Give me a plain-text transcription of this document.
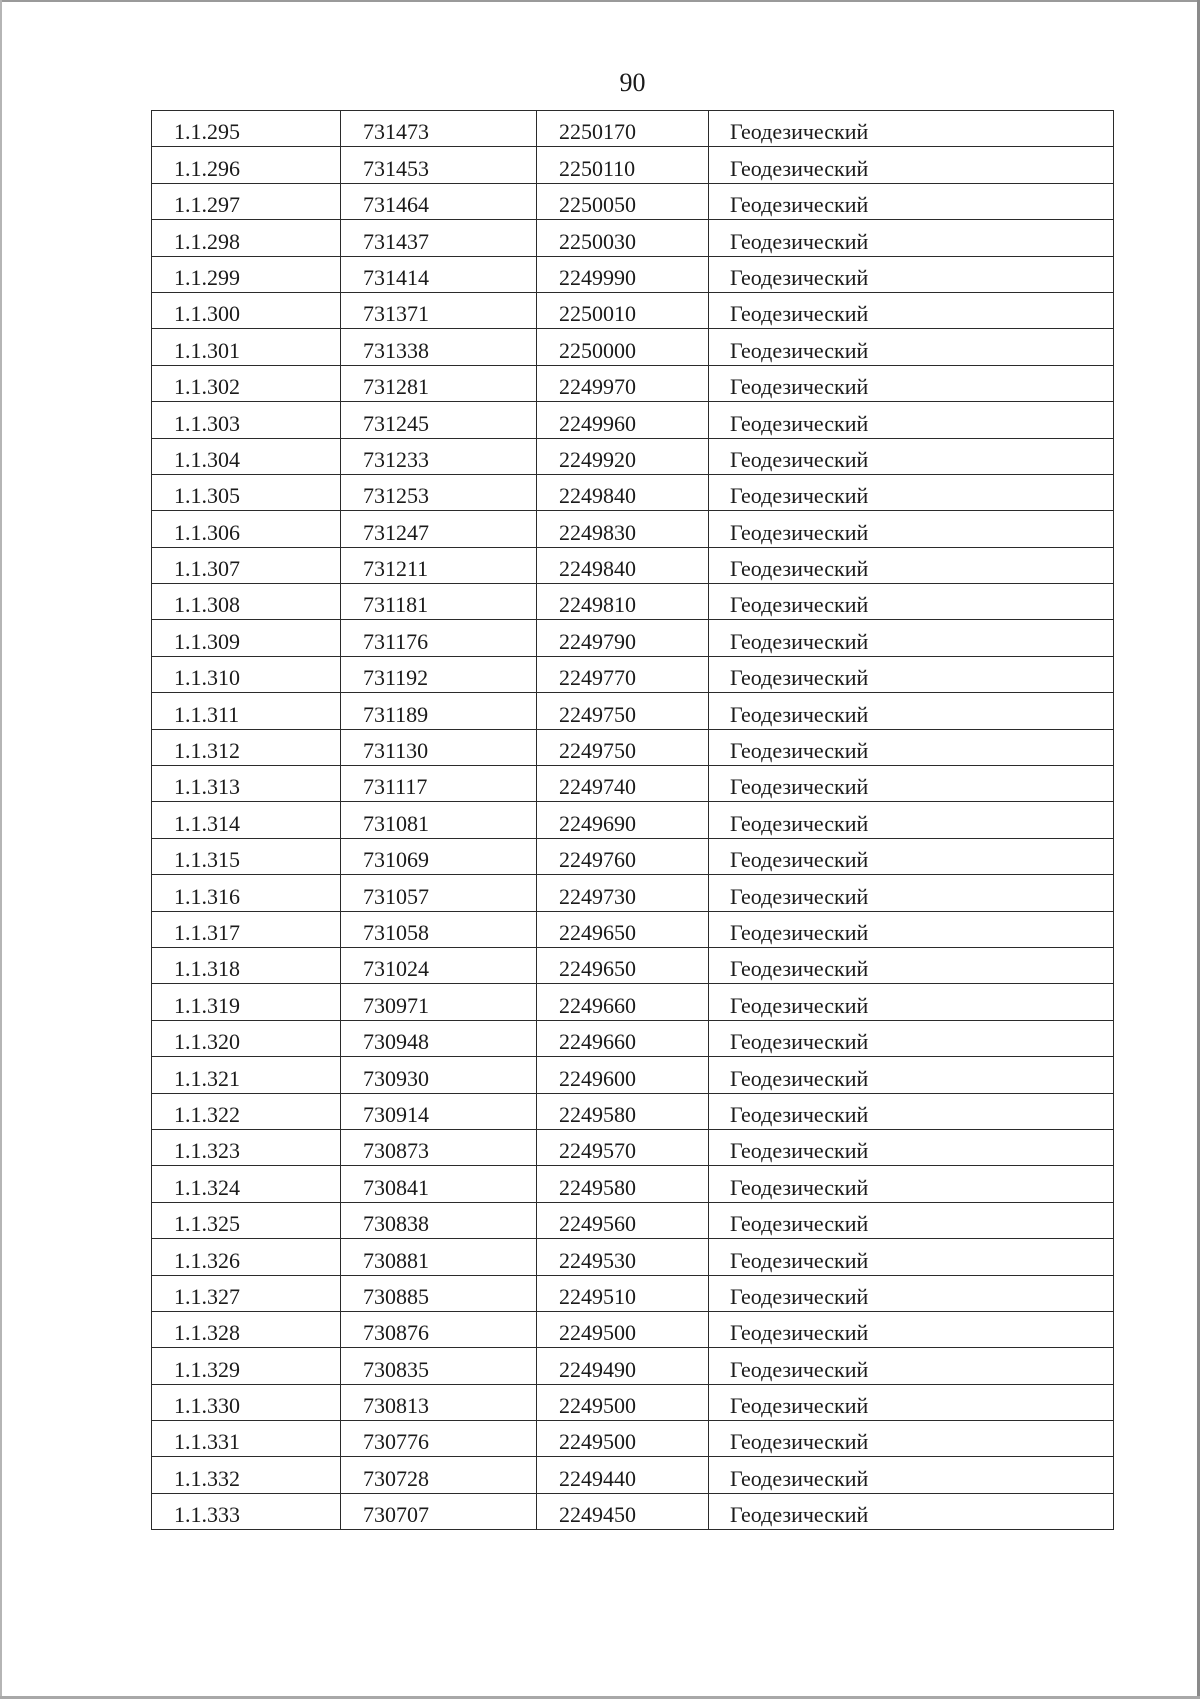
90
1.1.295	731473	2250170	Геодезический
1.1.296	731453	2250110	Геодезический
1.1.297	731464	2250050	Геодезический
1.1.298	731437	2250030	Геодезический
1.1.299	731414	2249990	Геодезический
1.1.300	731371	2250010	Геодезический
1.1.301	731338	2250000	Геодезический
1.1.302	731281	2249970	Геодезический
1.1.303	731245	2249960	Геодезический
1.1.304	731233	2249920	Геодезический
1.1.305	731253	2249840	Геодезический
1.1.306	731247	2249830	Геодезический
1.1.307	731211	2249840	Геодезический
1.1.308	731181	2249810	Геодезический
1.1.309	731176	2249790	Геодезический
1.1.310	731192	2249770	Геодезический
1.1.311	731189	2249750	Геодезический
1.1.312	731130	2249750	Геодезический
1.1.313	731117	2249740	Геодезический
1.1.314	731081	2249690	Геодезический
1.1.315	731069	2249760	Геодезический
1.1.316	731057	2249730	Геодезический
1.1.317	731058	2249650	Геодезический
1.1.318	731024	2249650	Геодезический
1.1.319	730971	2249660	Геодезический
1.1.320	730948	2249660	Геодезический
1.1.321	730930	2249600	Геодезический
1.1.322	730914	2249580	Геодезический
1.1.323	730873	2249570	Геодезический
1.1.324	730841	2249580	Геодезический
1.1.325	730838	2249560	Геодезический
1.1.326	730881	2249530	Геодезический
1.1.327	730885	2249510	Геодезический
1.1.328	730876	2249500	Геодезический
1.1.329	730835	2249490	Геодезический
1.1.330	730813	2249500	Геодезический
1.1.331	730776	2249500	Геодезический
1.1.332	730728	2249440	Геодезический
1.1.333	730707	2249450	Геодезический
